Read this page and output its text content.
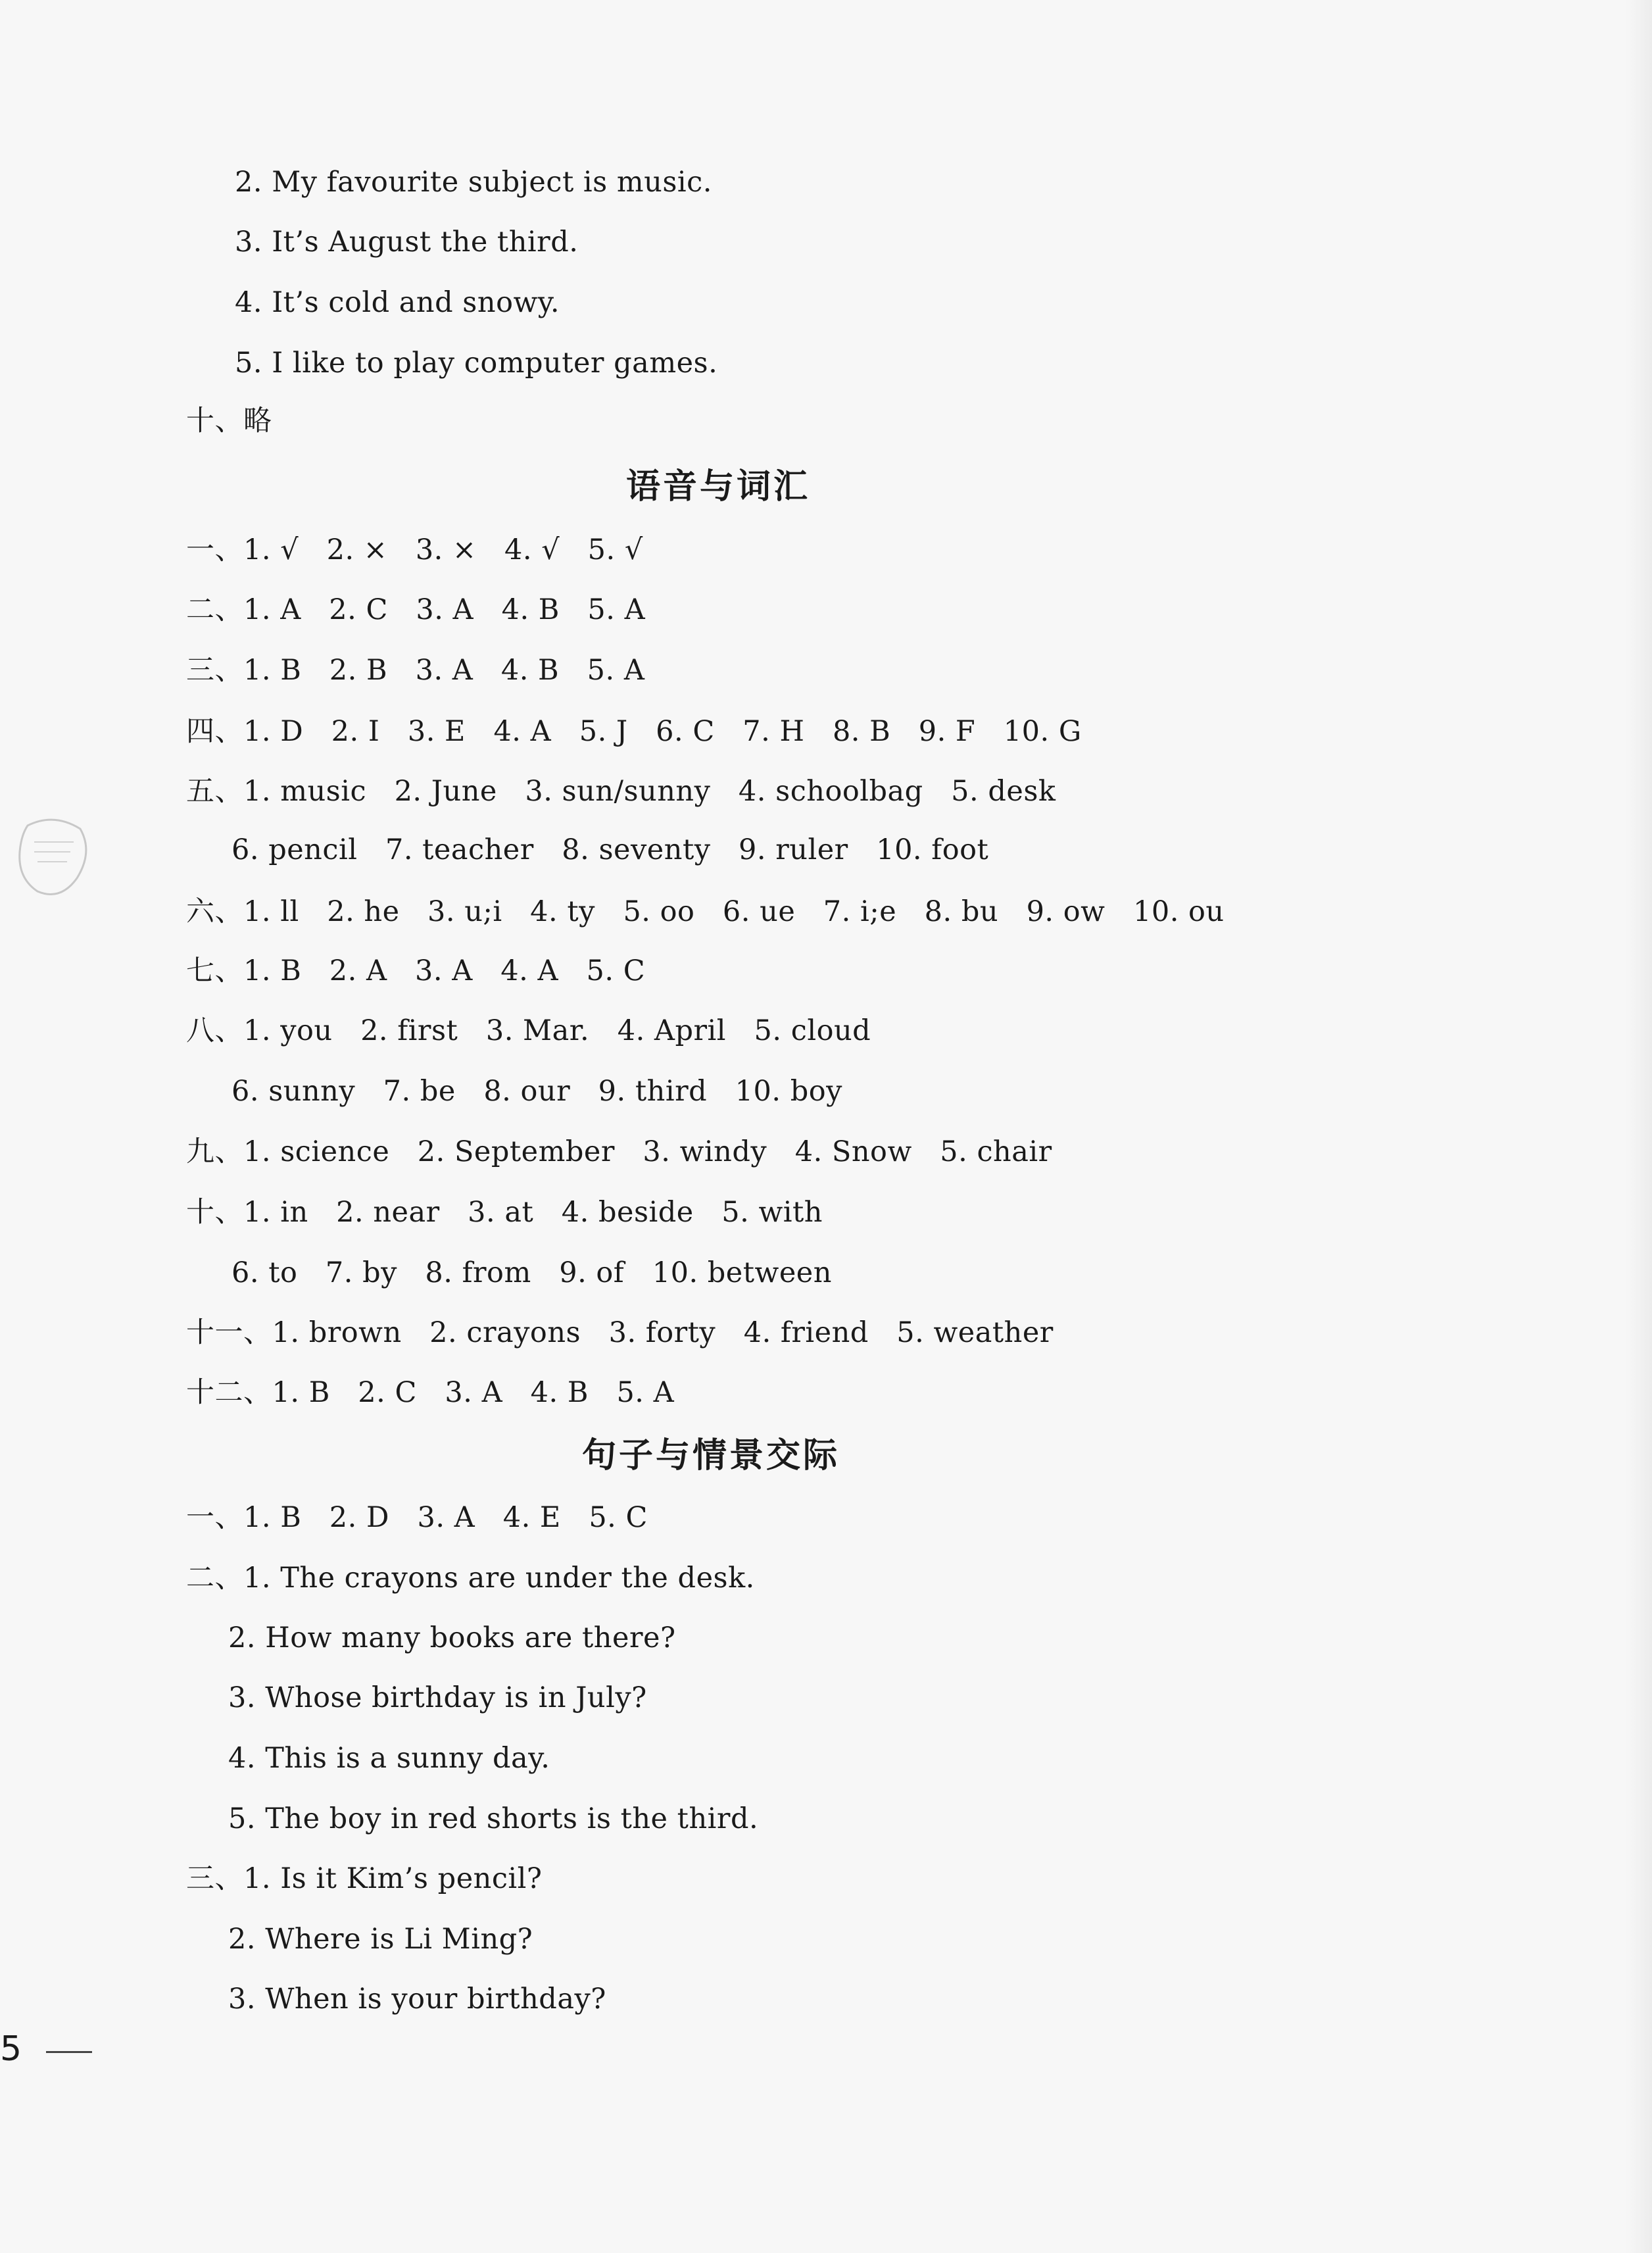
2. My favourite subject is music.
3. It’s August the third.
4. It’s cold and snowy.
5. I like to play computer games.
十、略
语音与词汇
一、1. √   2. ×   3. ×   4. √   5. √
二、1. A   2. C   3. A   4. B   5. A
三、1. B   2. B   3. A   4. B   5. A
四、1. D   2. I   3. E   4. A   5. J   6. C   7. H   8. B   9. F   10. G
五、1. music   2. June   3. sun/sunny   4. schoolbag   5. desk
6. pencil   7. teacher   8. seventy   9. ruler   10. foot
六、1. ll   2. he   3. u;i   4. ty   5. oo   6. ue   7. i;e   8. bu   9. ow   10. ou
七、1. B   2. A   3. A   4. A   5. C
八、1. you   2. first   3. Mar.   4. April   5. cloud
6. sunny   7. be   8. our   9. third   10. boy
九、1. science   2. September   3. windy   4. Snow   5. chair
十、1. in   2. near   3. at   4. beside   5. with
6. to   7. by   8. from   9. of   10. between
十一、1. brown   2. crayons   3. forty   4. friend   5. weather
十二、1. B   2. C   3. A   4. B   5. A
句子与情景交际
一、1. B   2. D   3. A   4. E   5. C
二、1. The crayons are under the desk.
2. How many books are there?
3. Whose birthday is in July?
4. This is a sunny day.
5. The boy in red shorts is the third.
三、1. Is it Kim’s pencil?
2. Where is Li Ming?
3. When is your birthday?
5
